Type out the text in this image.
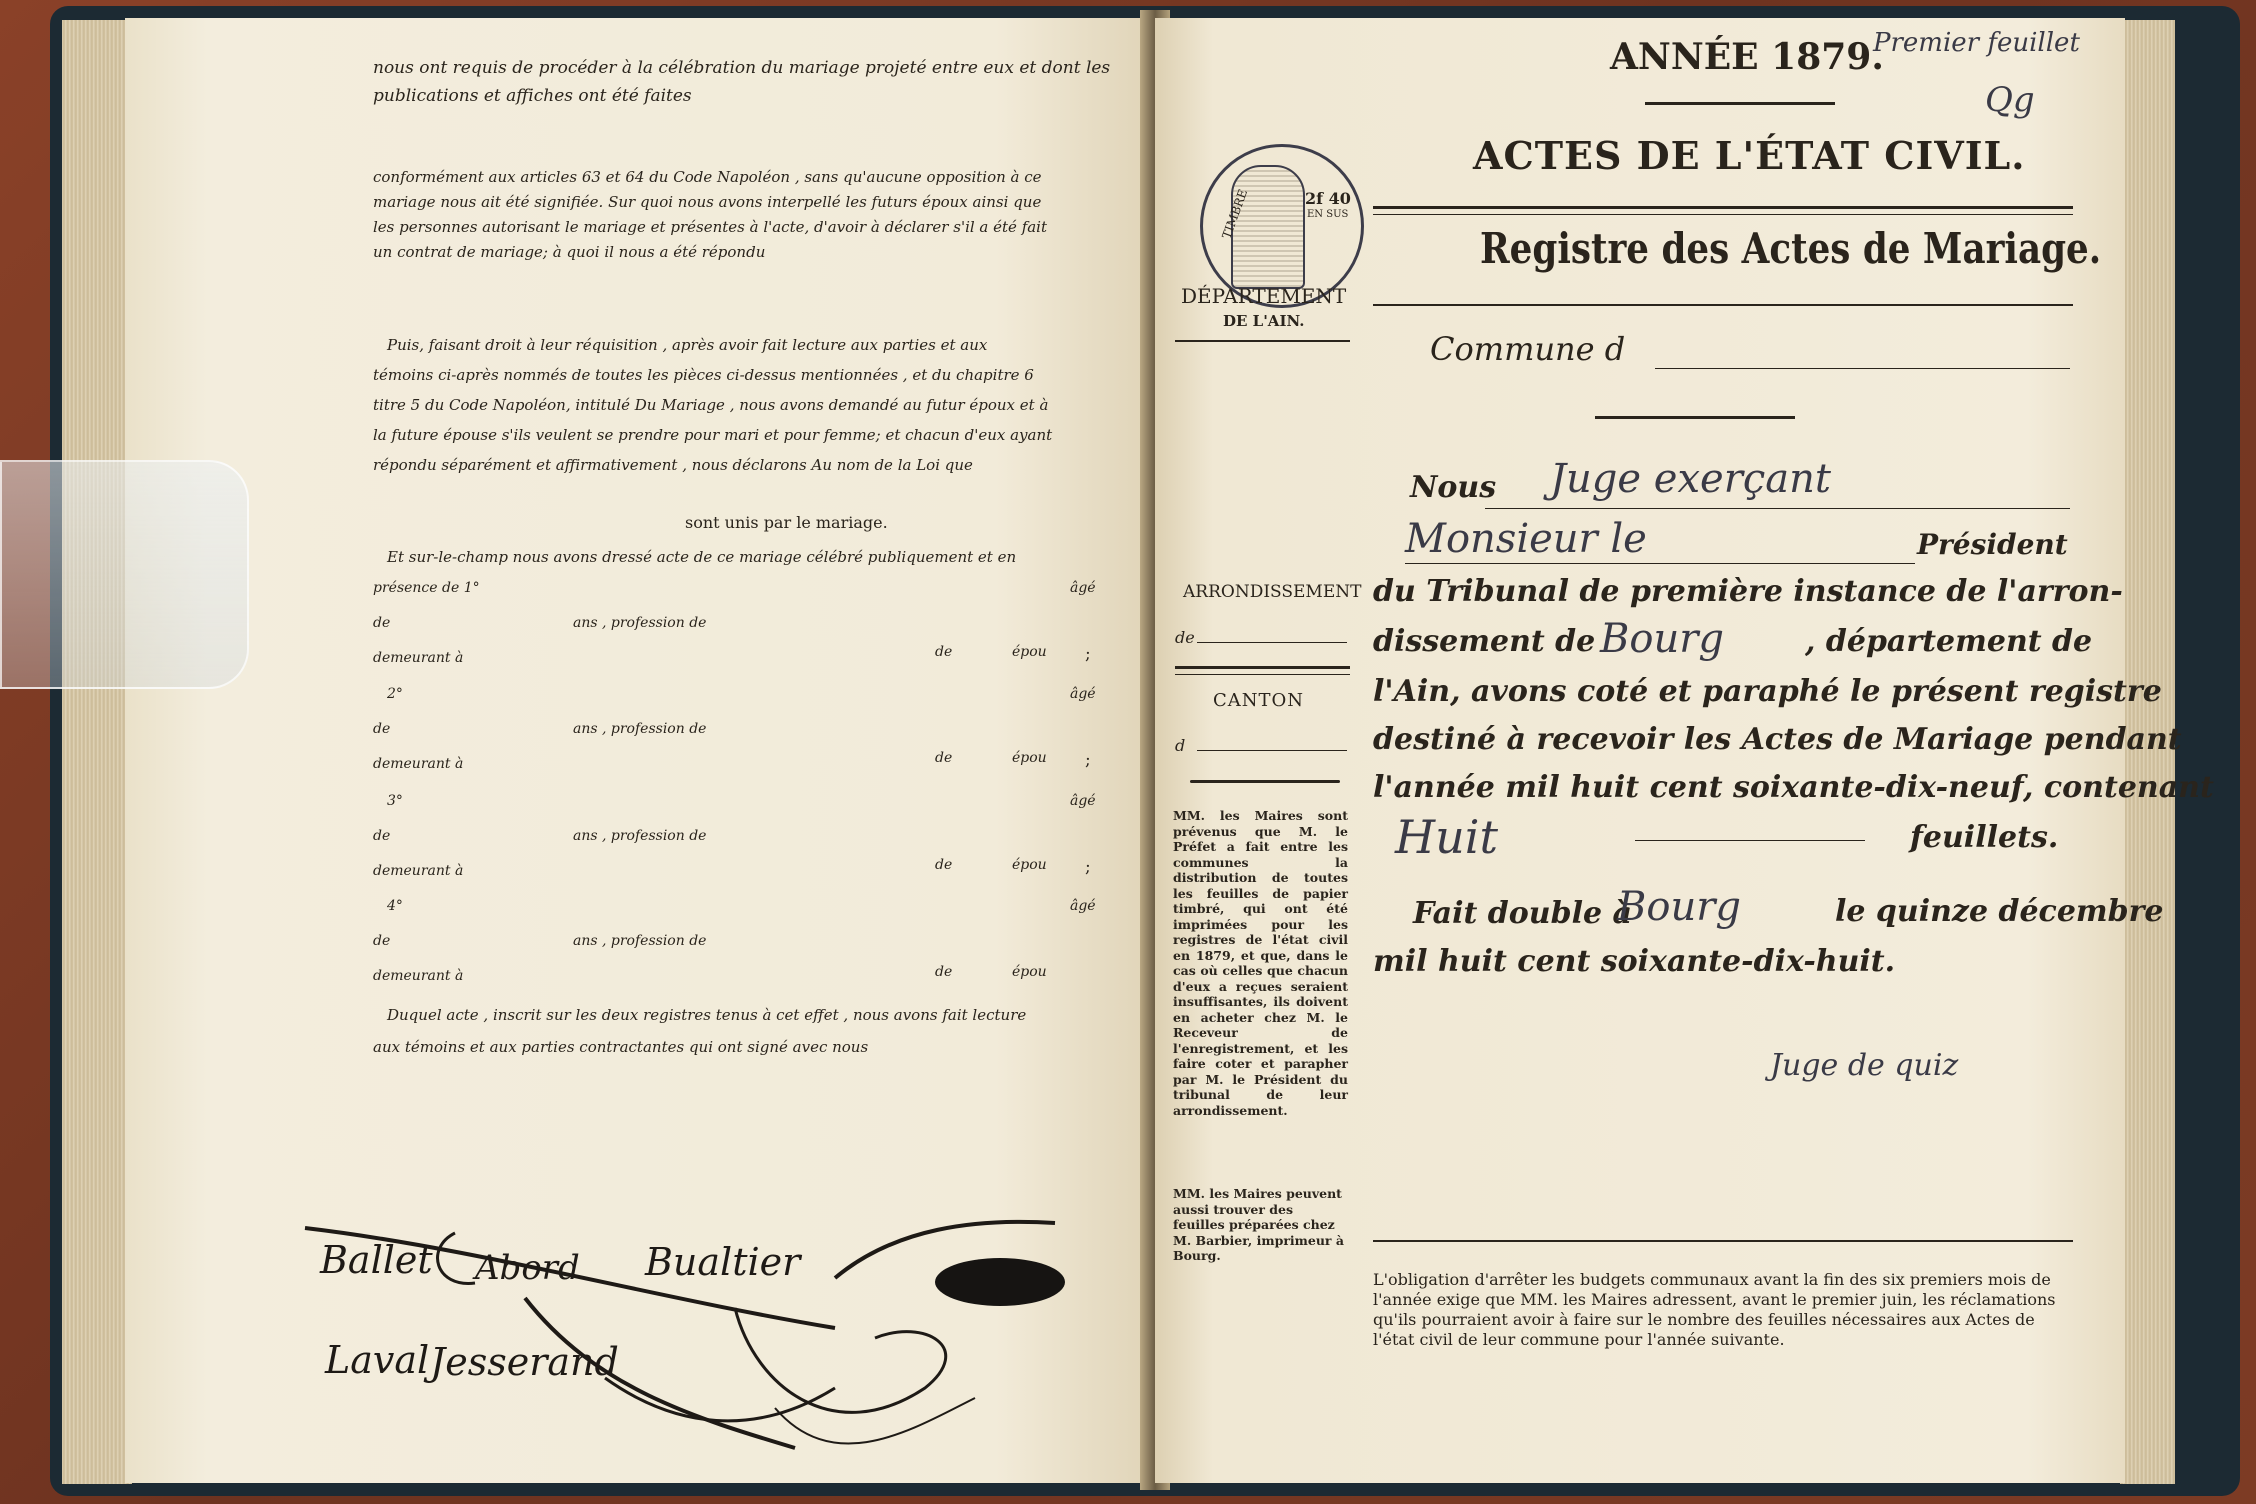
nous ont requis de procéder à la célébration du mariage projeté entre eux et dont les
publications et affiches ont été faites
conformément aux articles 63 et 64 du Code Napoléon , sans qu'aucune opposition à ce
mariage nous ait été signifiée. Sur quoi nous avons interpellé les futurs époux ainsi que
les personnes autorisant le mariage et présentes à l'acte, d'avoir à déclarer s'il a été fait
un contrat de mariage; à quoi il nous a été répondu
Puis, faisant droit à leur réquisition , après avoir fait lecture aux parties et aux
témoins ci-après nommés de toutes les pièces ci-dessus mentionnées , et du chapitre 6
titre 5 du Code Napoléon, intitulé Du Mariage , nous avons demandé au futur époux et à
la future épouse s'ils veulent se prendre pour mari et pour femme; et chacun d'eux ayant
répondu séparément et affirmativement , nous déclarons Au nom de la Loi que
sont unis par le mariage.
Et sur-le-champ nous avons dressé acte de ce mariage célébré publiquement et en
présence de 1°	âgé
de	ans , profession de
demeurant à	de	épou ;
2°	âgé
de	ans , profession de
demeurant à	de	épou ;
3°	âgé
de	ans , profession de
demeurant à	de	épou ;
4°	âgé
de	ans , profession de
demeurant à	de	épou
Duquel acte , inscrit sur les deux registres tenus à cet effet , nous avons fait lecture
aux témoins et aux parties contractantes qui ont signé avec nous
Ballet Abord Bualtier
Laval Jesserand
ANNÉE 1879.
Premier feuillet
Qg
ACTES DE L'ÉTAT CIVIL.
TIMBRE	2f 40
EN SUS
DÉPARTEMENT
DE L'AIN.
Registre des Actes de Mariage.
Commune d
Nous Juge exerçant
Monsieur le	Président
ARRONDISSEMENT
de
CANTON
d
du Tribunal de première instance de l'arron-
dissement de Bourg	, département de
l'Ain, avons coté et paraphé le présent registre
destiné à recevoir les Actes de Mariage pendant
l'année mil huit cent soixante-dix-neuf, contenant
Huit	feuillets.
Fait double à
Bourg	le quinze décembre
mil huit cent soixante-dix-huit.
Juge de quiz
MM. les Maires sont prévenus que M. le Préfet a fait entre les communes la distribution de toutes les feuilles de papier timbré, qui ont été imprimées pour les registres de l'état civil en 1879, et que, dans le cas où celles que chacun d'eux a reçues seraient insuffisantes, ils doivent en acheter chez M. le Receveur de l'enregistrement, et les faire coter et parapher par M. le Président du tribunal de leur arrondissement.
MM. les Maires peuvent aussi trouver des feuilles préparées chez M. Barbier, imprimeur à Bourg.
L'obligation d'arrêter les budgets communaux avant la fin des six premiers mois de l'année exige que MM. les Maires adressent, avant le premier juin, les réclamations qu'ils pourraient avoir à faire sur le nombre des feuilles nécessaires aux Actes de l'état civil de leur commune pour l'année suivante.
